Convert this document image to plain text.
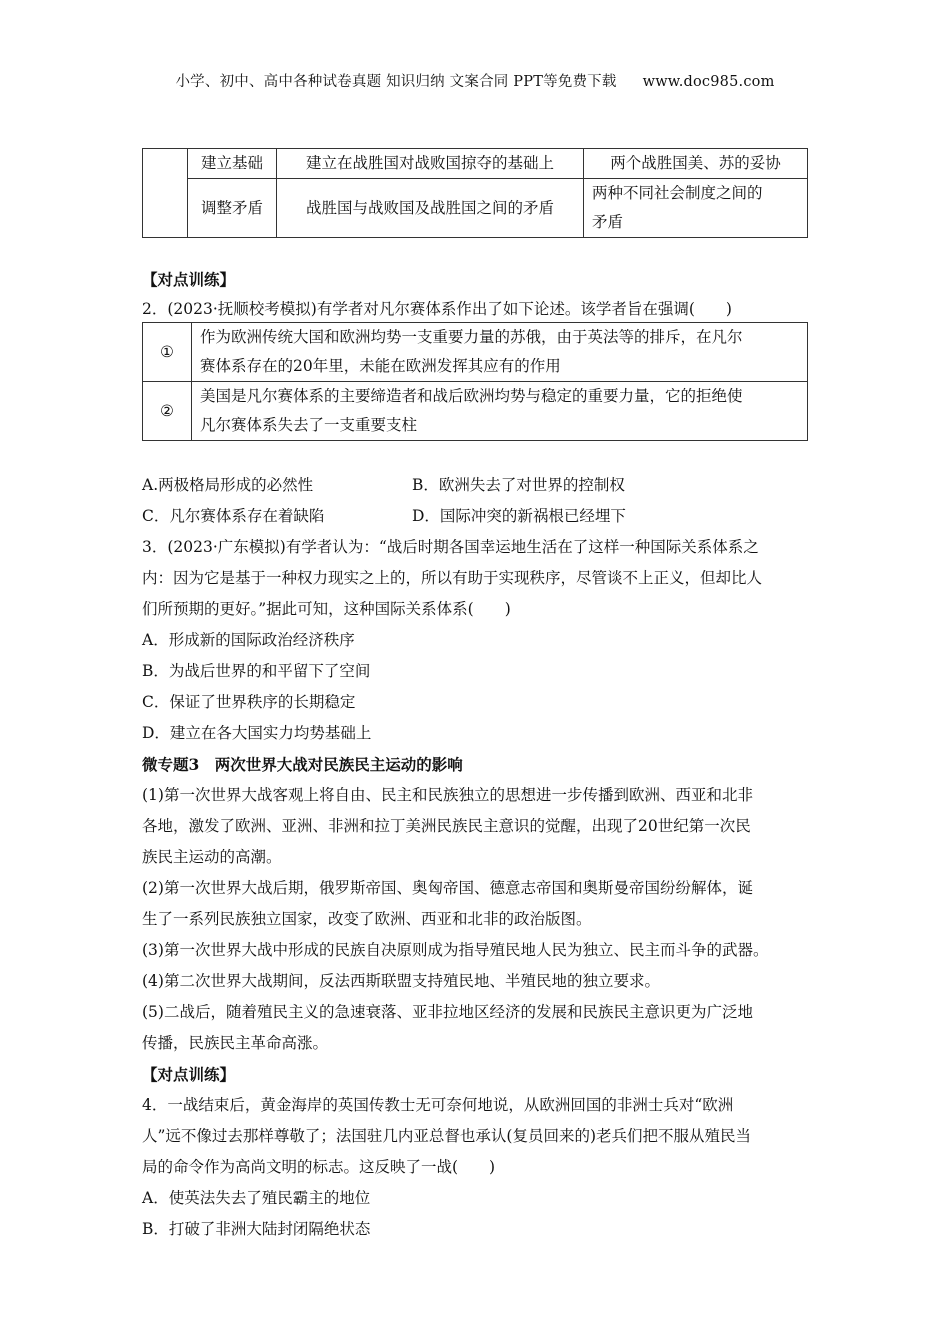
小学、初中、高中各种试卷真题 知识归纳 文案合同 PPT等免费下载 www.doc985.com
	建立基础	建立在战胜国对战败国掠夺的基础上	两个战胜国美、苏的妥协
	调整矛盾	战胜国与战败国及战胜国之间的矛盾	两种不同社会制度之间的
矛盾
【对点训练】
2．(2023·抚顺校考模拟)有学者对凡尔赛体系作出了如下论述。该学者旨在强调(　　)
①	作为欧洲传统大国和欧洲均势一支重要力量的苏俄，由于英法等的排斥，在凡尔
赛体系存在的20年里，未能在欧洲发挥其应有的作用

②	美国是凡尔赛体系的主要缔造者和战后欧洲均势与稳定的重要力量，它的拒绝使
凡尔赛体系失去了一支重要支柱
A.两极格局形成的必然性	B．欧洲失去了对世界的控制权
C．凡尔赛体系存在着缺陷	D．国际冲突的新祸根已经埋下

3．(2023·广东模拟)有学者认为：“战后时期各国幸运地生活在了这样一种国际关系体系之

内：因为它是基于一种权力现实之上的，所以有助于实现秩序，尽管谈不上正义，但却比人

们所预期的更好。”据此可知，这种国际关系体系(　　)

A．形成新的国际政治经济秩序

B．为战后世界的和平留下了空间

C．保证了世界秩序的长期稳定

D．建立在各大国实力均势基础上

微专题3　两次世界大战对民族民主运动的影响

(1)第一次世界大战客观上将自由、民主和民族独立的思想进一步传播到欧洲、西亚和北非

各地，激发了欧洲、亚洲、非洲和拉丁美洲民族民主意识的觉醒，出现了20世纪第一次民

族民主运动的高潮。

(2)第一次世界大战后期，俄罗斯帝国、奥匈帝国、德意志帝国和奥斯曼帝国纷纷解体，诞

生了一系列民族独立国家，改变了欧洲、西亚和北非的政治版图。

(3)第一次世界大战中形成的民族自决原则成为指导殖民地人民为独立、民主而斗争的武器。

(4)第二次世界大战期间，反法西斯联盟支持殖民地、半殖民地的独立要求。

(5)二战后，随着殖民主义的急速衰落、亚非拉地区经济的发展和民族民主意识更为广泛地

传播，民族民主革命高涨。

【对点训练】

4．一战结束后，黄金海岸的英国传教士无可奈何地说，从欧洲回国的非洲士兵对“欧洲

人”远不像过去那样尊敬了；法国驻几内亚总督也承认(复员回来的)老兵们把不服从殖民当

局的命令作为高尚文明的标志。这反映了一战(　　)

A．使英法失去了殖民霸主的地位

B．打破了非洲大陆封闭隔绝状态
